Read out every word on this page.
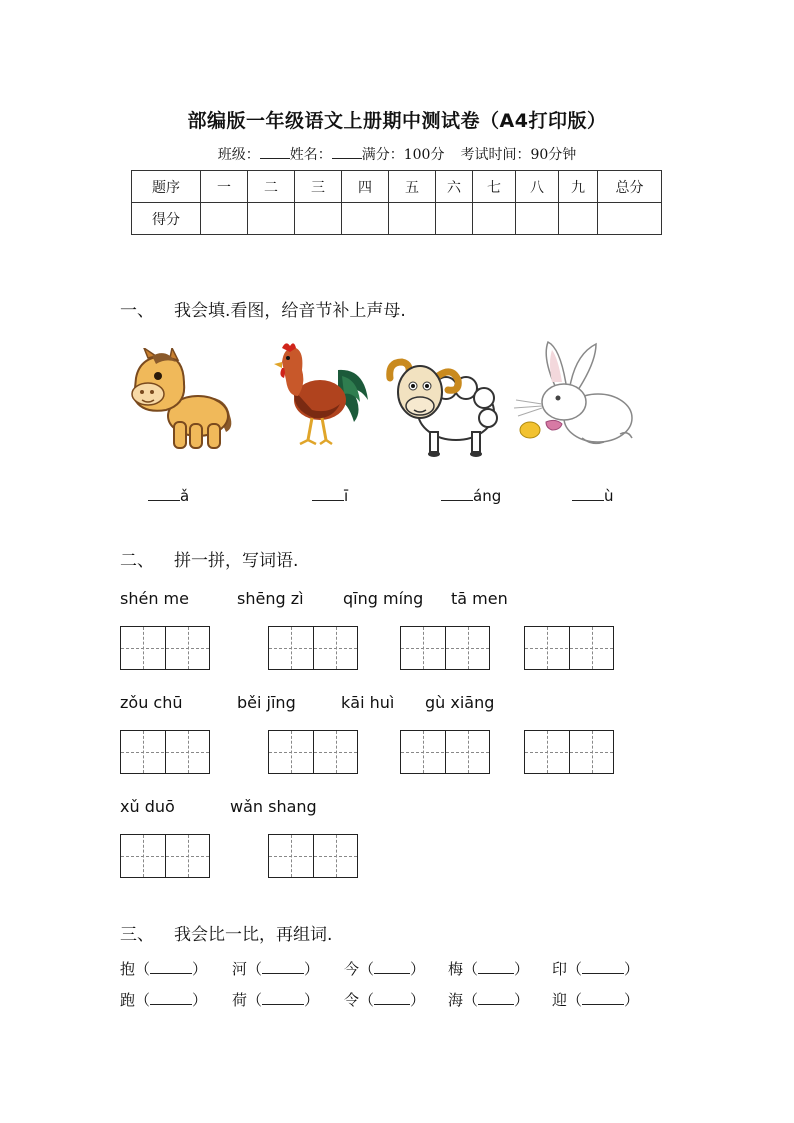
部编版一年级语文上册期中测试卷（A4打印版）
班级： 姓名： 满分：100分 考试时间：90分钟
题序	一	二	三	四	五	六	七	八	九	总分
得分										
一、 我会填.看图，给音节补上声母.
ǎ	ī	áng	ù
二、 拼一拼，写词语.
shén me	shēng zì qīng míng tā men
zǒu chū	běi jīng	kāi huì gù xiāng
xǔ duō	wǎn shang
三、 我会比一比，再组词.
抱（	） 河（	） 今（ ） 梅（ ） 印（	）
跑（	） 荷（	） 令（ ） 海（ ） 迎（	）
